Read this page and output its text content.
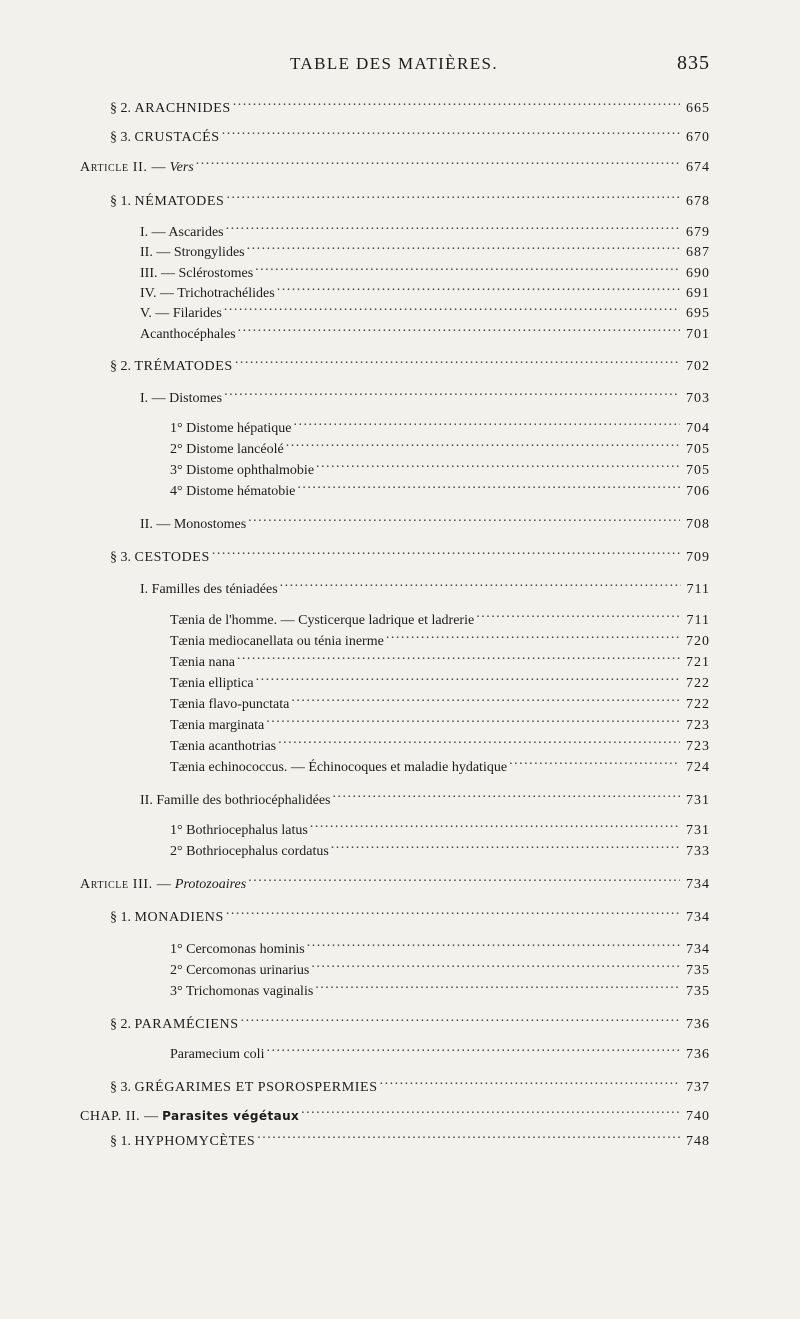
TABLE DES MATIÈRES.	835
§ 2. ARACHNIDES . . .	665
§ 3. CRUSTACÉS . . .	670
Article II. — Vers . . .	674
§ 1. NÉMATODES . . .	678
I. — Ascarides . . .	679
II. — Strongylides . . .	687
III. — Sclérostomes . . .	690
IV. — Trichotrachélides . . .	691
V. — Filarides . . .	695
Acanthocéphales . . .	701
§ 2. TRÉMATODES . . .	702
I. — Distomes . . .	703
1° Distome hépatique . . .	704
2° Distome lancéolé . . .	705
3° Distome ophthalmobie . . .	705
4° Distome hématobie . . .	706
II. — Monostomes . . .	708
§ 3. CESTODES . . .	709
I. Familles des téniadées . . .	711
Tænia de l'homme. — Cysticerque ladrique et ladrerie . . .	711
Tænia mediocanellata ou ténia inerme . . .	720
Tænia nana . . .	721
Tænia elliptica . . .	722
Tænia flavo-punctata . . .	722
Tænia marginata . . .	723
Tænia acanthotrias . . .	723
Tænia echinococcus. — Échinocoques et maladie hydatique . . .	724
II. Famille des bothriocéphalidées . . .	731
1° Bothriocephalus latus . . .	731
2° Bothriocephalus cordatus . . .	733
Article III. — Protozoaires . . .	734
§ 1. MONADIENS . . .	734
1° Cercomonas hominis . . .	734
2° Cercomonas urinarius . . .	735
3° Trichomonas vaginalis . . .	735
§ 2. PARAMÉCIENS . . .	736
Paramecium coli . . .	736
§ 3. GRÉGARIMES ET PSOROSPERMIES . . .	737
CHAP. II. — Parasites végétaux . . .	740
§ 1. HYPHOMYCÈTES . . .	748
